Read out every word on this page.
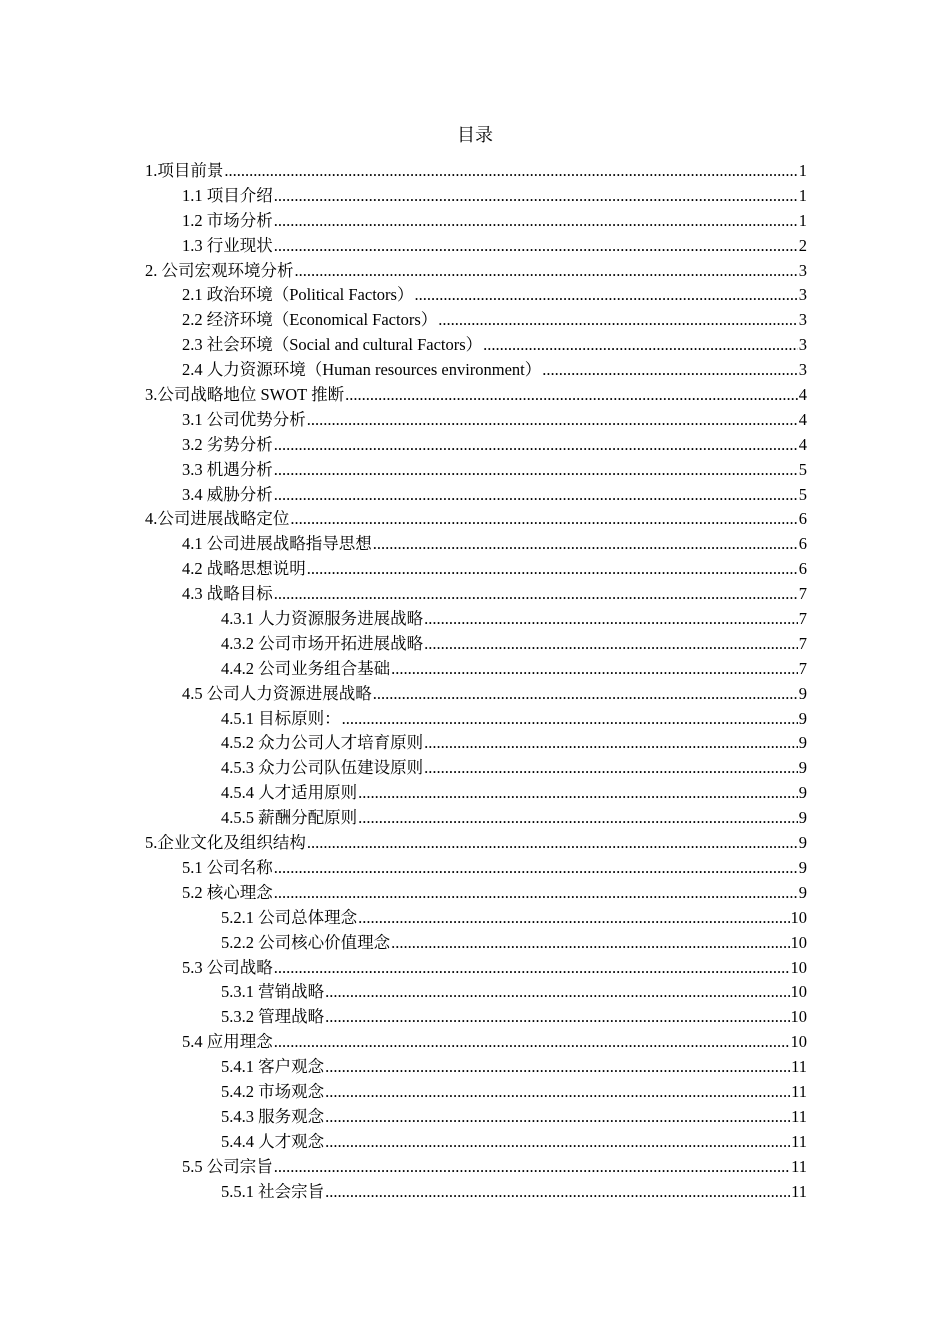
目录
1.项目前景 .....	1
1.1 项目介绍 .....	1
1.2 市场分析 .....	1
1.3 行业现状 .....	2
2. 公司宏观环境分析 .....	3
2.1 政治环境（Political Factors） .....	3
2.2 经济环境（Economical Factors） .....	3
2.3 社会环境（Social and cultural Factors） .....	3
2.4 人力资源环境（Human resources environment） .....	3
3.公司战略地位 SWOT 推断 .....	4
3.1 公司优势分析 .....	4
3.2 劣势分析 .....	4
3.3 机遇分析 .....	5
3.4 威胁分析 .....	5
4.公司进展战略定位 .....	6
4.1 公司进展战略指导思想 .....	6
4.2 战略思想说明 .....	6
4.3 战略目标 .....	7
4.3.1 人力资源服务进展战略 .....	7
4.3.2 公司市场开拓进展战略 .....	7
4.4.2 公司业务组合基础 .....	7
4.5 公司人力资源进展战略 .....	9
4.5.1 目标原则： .....	9
4.5.2 众力公司人才培育原则 .....	9
4.5.3 众力公司队伍建设原则 .....	9
4.5.4 人才适用原则 .....	9
4.5.5 薪酬分配原则 .....	9
5.企业文化及组织结构 .....	9
5.1 公司名称 .....	9
5.2 核心理念 .....	9
5.2.1 公司总体理念 .....	10
5.2.2 公司核心价值理念 .....	10
5.3 公司战略 .....	10
5.3.1 营销战略 .....	10
5.3.2 管理战略 .....	10
5.4 应用理念 .....	10
5.4.1 客户观念 .....	11
5.4.2 市场观念 .....	11
5.4.3 服务观念 .....	11
5.4.4 人才观念 .....	11
5.5 公司宗旨 .....	11
5.5.1 社会宗旨 .....	11
